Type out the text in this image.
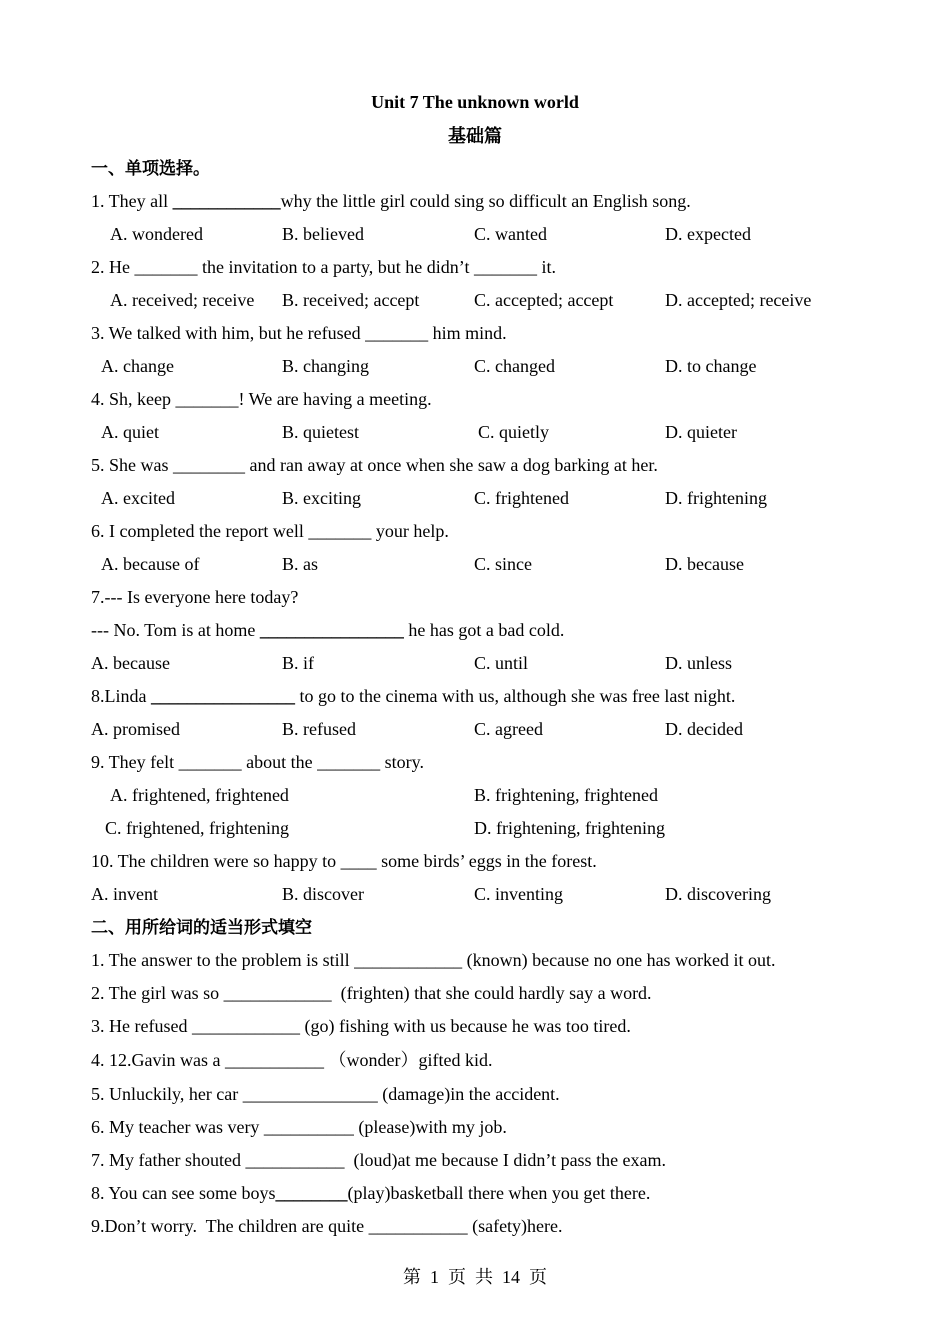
Unit 7 The unknown world
基础篇
一、单项选择。
1. They all ____________why the little girl could sing so difficult an English song.
A. wondered	B. believed	C. wanted	D. expected
2. He _______ the invitation to a party, but he didn’t _______ it.
A. received; receive B. received; accept	C. accepted; accept	D. accepted; receive
3. We talked with him, but he refused _______ him mind.
A. change	B. changing	C. changed	D. to change
4. Sh, keep _______! We are having a meeting.
A. quiet	B. quietest	C. quietly	D. quieter
5. She was ________ and ran away at once when she saw a dog barking at her.
A. excited	B. exciting	C. frightened	D. frightening
6. I completed the report well _______ your help.
A. because of	B. as	C. since	D. because
7.--- Is everyone here today?
--- No. Tom is at home ________________ he has got a bad cold.
A. because	B. if	C. until	D. unless
8.Linda ________________ to go to the cinema with us, although she was free last night.
A. promised	B. refused	C. agreed	D. decided
9. They felt _______ about the _______ story.
A. frightened, frightened	B. frightening, frightened
C. frightened, frightening	D. frightening, frightening
10. The children were so happy to ____ some birds’ eggs in the forest.
A. invent	B. discover	C. inventing	D. discovering
二、用所给词的适当形式填空
1. The answer to the problem is still ____________ (known) because no one has worked it out.
2. The girl was so ____________  (frighten) that she could hardly say a word.
3. He refused ____________ (go) fishing with us because he was too tired.
4. 12.Gavin was a ___________ （wonder）gifted kid.
5. Unluckily, her car _______________ (damage)in the accident.
6. My teacher was very __________ (please)with my job.
7. My father shouted ___________  (loud)at me because I didn’t pass the exam.
8. You can see some boys________(play)basketball there when you get there.
9.Don’t worry.  The children are quite ___________ (safety)here.
第  1  页  共  14  页
